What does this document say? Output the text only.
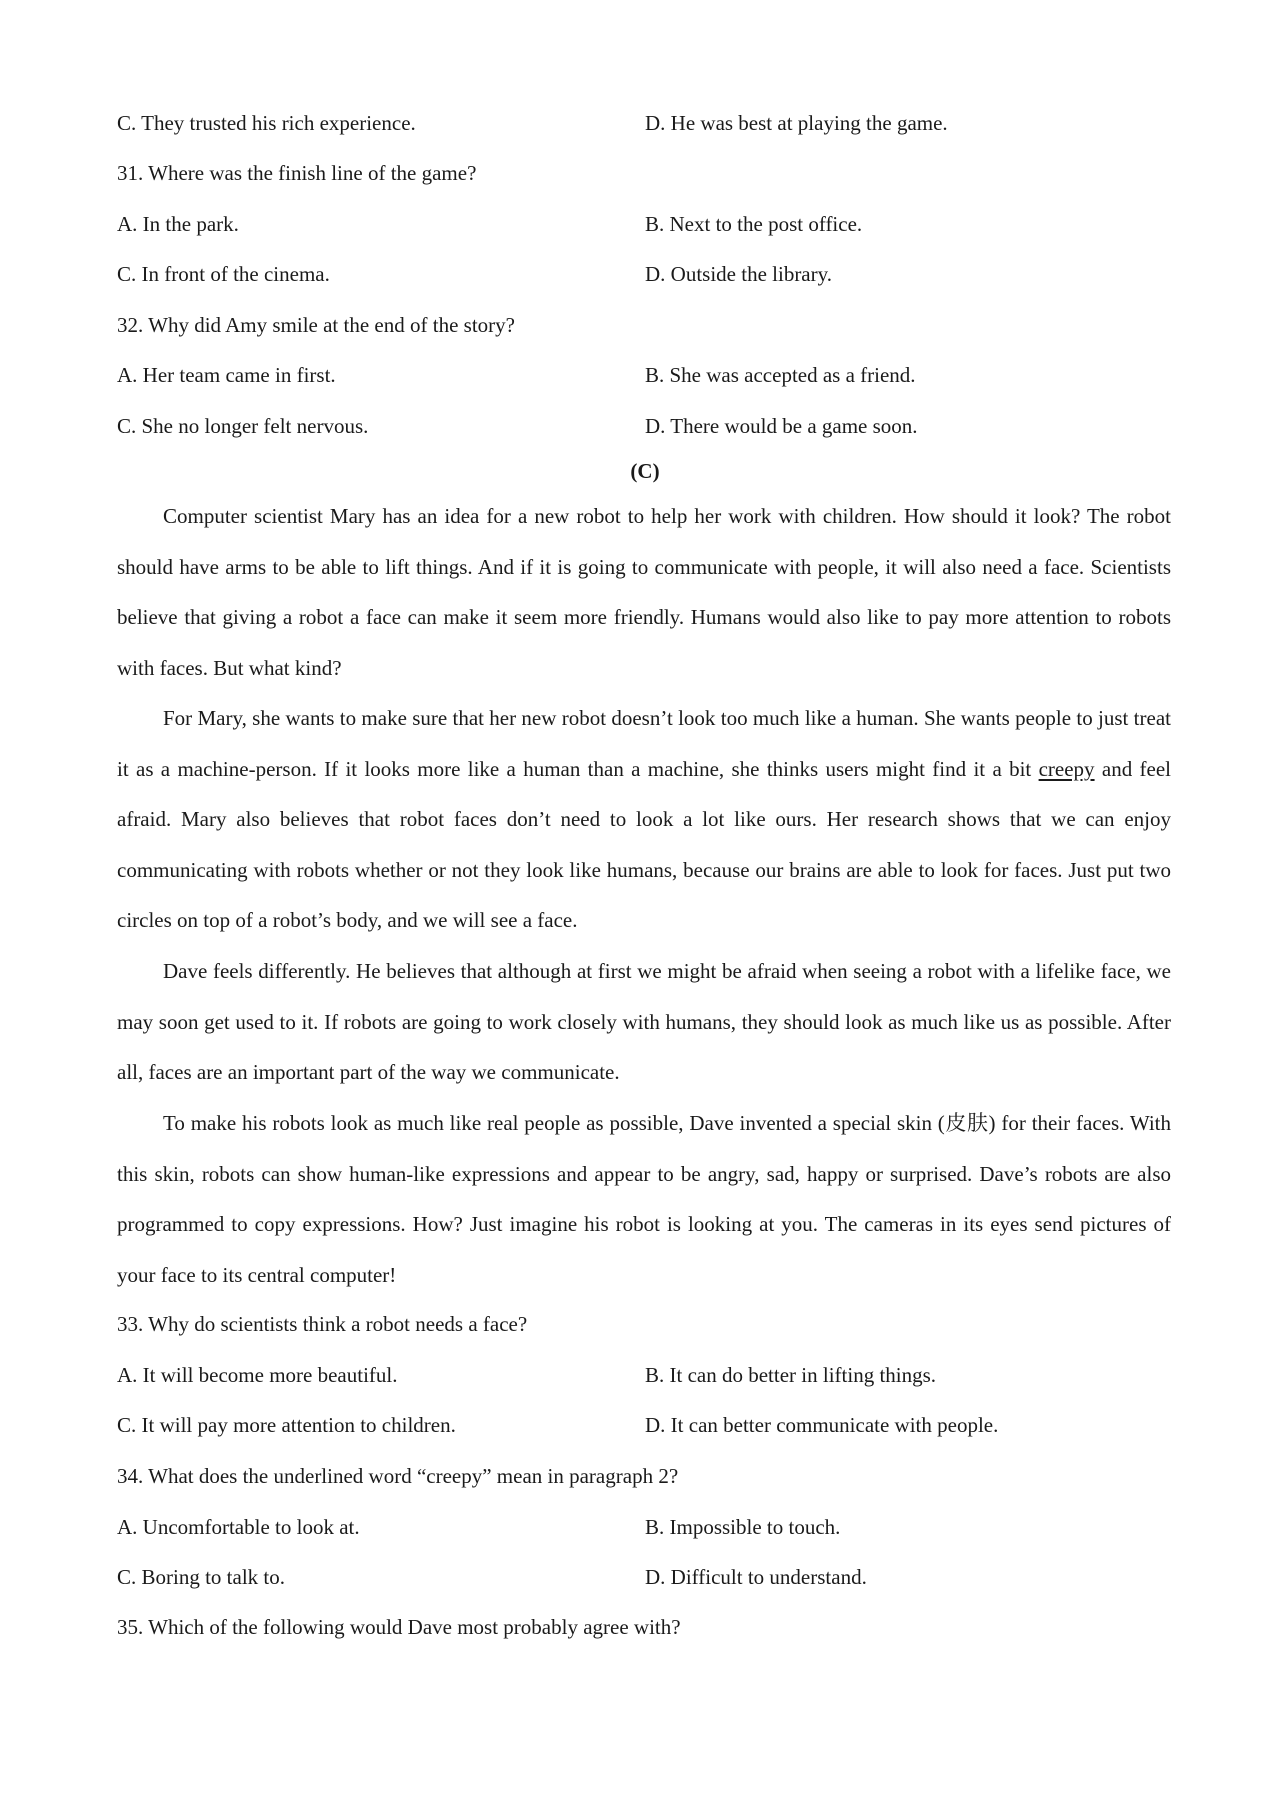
C. They trusted his rich experience.	D. He was best at playing the game.
31. Where was the finish line of the game?
A. In the park.	B. Next to the post office.
C. In front of the cinema.	D. Outside the library.
32. Why did Amy smile at the end of the story?
A. Her team came in first.	B. She was accepted as a friend.
C. She no longer felt nervous.	D. There would be a game soon.
(C)

Computer scientist Mary has an idea for a new robot to help her work with children. How should it look? The robot should have arms to be able to lift things. And if it is going to communicate with people, it will also need a face. Scientists believe that giving a robot a face can make it seem more friendly. Humans would also like to pay more attention to robots with faces. But what kind?

For Mary, she wants to make sure that her new robot doesn’t look too much like a human. She wants people to just treat it as a machine-person. If it looks more like a human than a machine, she thinks users might find it a bit creepy and feel afraid. Mary also believes that robot faces don’t need to look a lot like ours. Her research shows that we can enjoy communicating with robots whether or not they look like humans, because our brains are able to look for faces. Just put two circles on top of a robot’s body, and we will see a face.

Dave feels differently. He believes that although at first we might be afraid when seeing a robot with a lifelike face, we may soon get used to it. If robots are going to work closely with humans, they should look as much like us as possible. After all, faces are an important part of the way we communicate.

To make his robots look as much like real people as possible, Dave invented a special skin (皮肤) for their faces. With this skin, robots can show human-like expressions and appear to be angry, sad, happy or surprised. Dave’s robots are also programmed to copy expressions. How? Just imagine his robot is looking at you. The cameras in its eyes send pictures of your face to its central computer!

33. Why do scientists think a robot needs a face?
A. It will become more beautiful.	B. It can do better in lifting things.
C. It will pay more attention to children.	D. It can better communicate with people.
34. What does the underlined word “creepy” mean in paragraph 2?
A. Uncomfortable to look at.	B. Impossible to touch.
C. Boring to talk to.	D. Difficult to understand.
35. Which of the following would Dave most probably agree with?
